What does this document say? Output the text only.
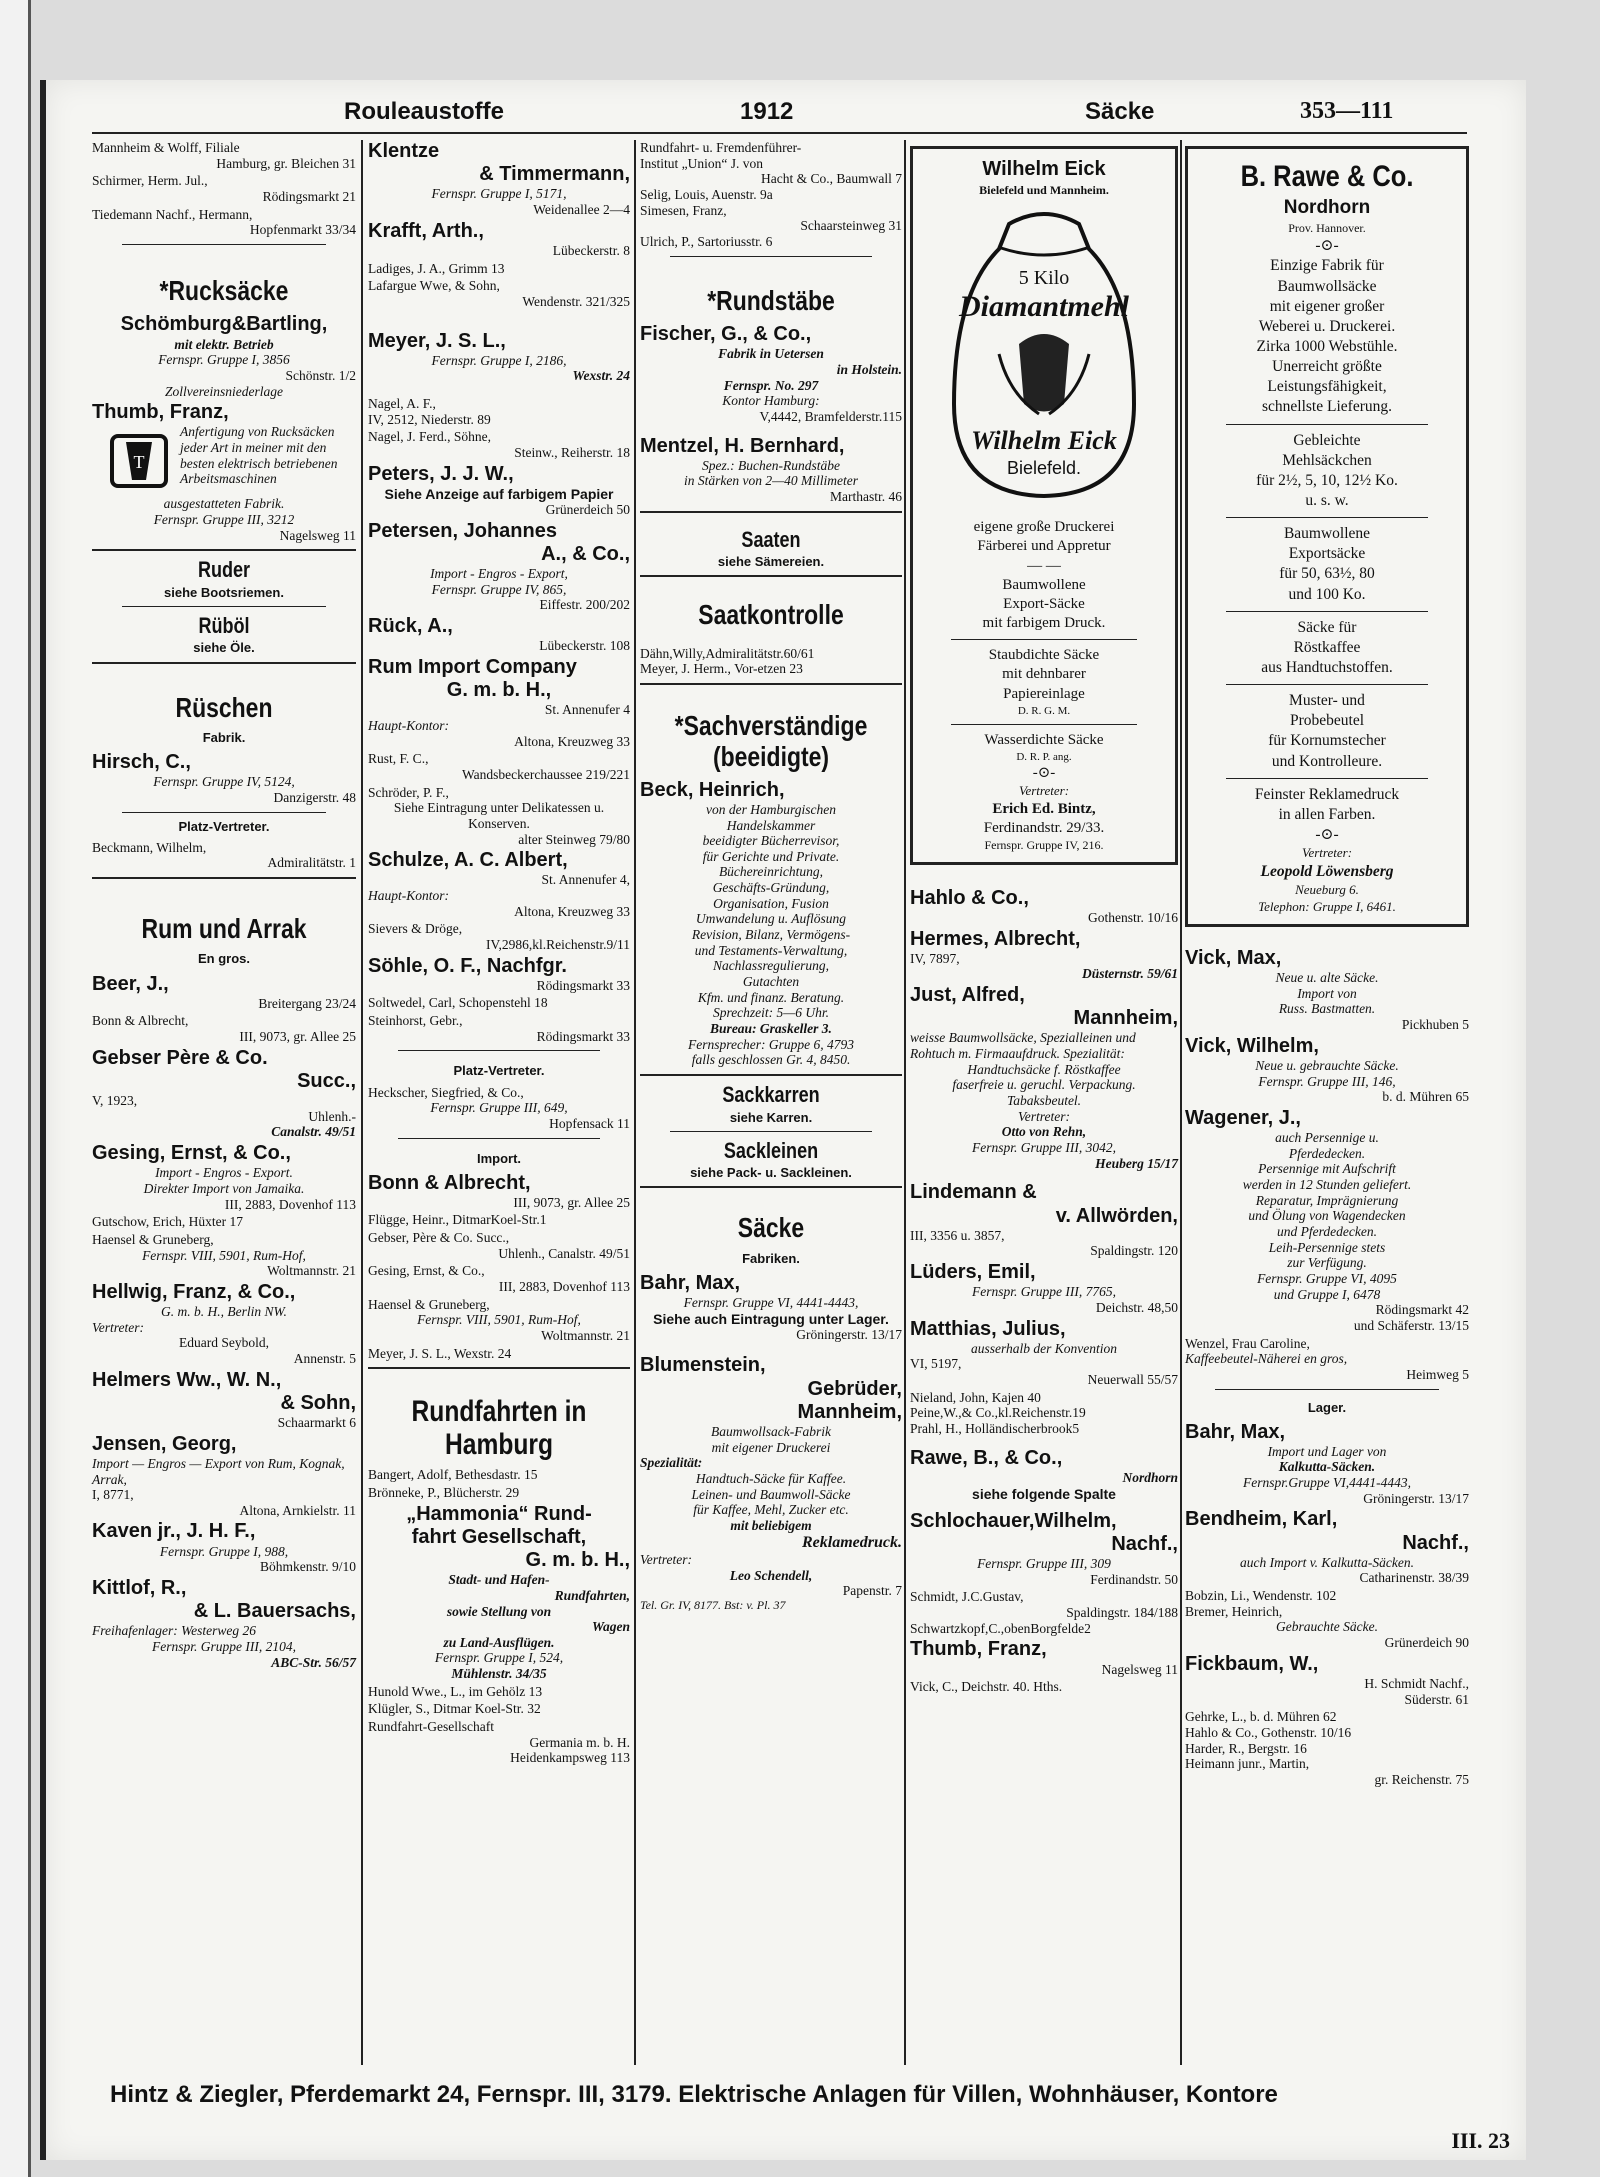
Rouleaustoffe	1912	Säcke	353—111
Mannheim & Wolff, Filiale
Hamburg, gr. Bleichen 31
Schirmer, Herm. Jul.,
Rödingsmarkt 21
Tiedemann Nachf., Hermann,
Hopfenmarkt 33/34
*Rucksäcke
Schömburg&Bartling,
mit elektr. Betrieb
Fernspr. Gruppe I, 3856
Schönstr. 1/2
Zollvereinsniederlage
Thumb, Franz,
T
Anfertigung von Rucksäcken jeder Art in meiner mit den besten elektrisch betriebenen Arbeitsmaschinen
ausgestatteten Fabrik.
Fernspr. Gruppe III, 3212
Nagelsweg 11
Ruder
siehe Bootsriemen.
Rüböl
siehe Öle.
Rüschen
Fabrik.
Hirsch, C.,
Fernspr. Gruppe IV, 5124,
Danzigerstr. 48
Platz-Vertreter.
Beckmann, Wilhelm,
Admiralitätstr. 1
Rum und Arrak
En gros.
Beer, J.,
Breitergang 23/24
Bonn & Albrecht,
III, 9073, gr. Allee 25
Gebser Père & Co.
Succ.,
V, 1923,
Uhlenh.-
Canalstr. 49/51
Gesing, Ernst, & Co.,
Import - Engros - Export.
Direkter Import von Jamaika.
III, 2883, Dovenhof 113
Gutschow, Erich, Hüxter 17
Haensel & Gruneberg,
Fernspr. VIII, 5901, Rum-Hof,
Woltmannstr. 21
Hellwig, Franz, & Co.,
G. m. b. H., Berlin NW.
Vertreter:
Eduard Seybold,
Annenstr. 5
Helmers Ww., W. N.,
& Sohn,
Schaarmarkt 6
Jensen, Georg,
Import — Engros — Export von Rum, Kognak, Arrak,
I, 8771,
Altona, Arnkielstr. 11
Kaven jr., J. H. F.,
Fernspr. Gruppe I, 988,
Böhmkenstr. 9/10
Kittlof, R.,
& L. Bauersachs,
Freihafenlager: Westerweg 26
Fernspr. Gruppe III, 2104,
ABC-Str. 56/57
Klentze
& Timmermann,
Fernspr. Gruppe I, 5171,
Weidenallee 2—4
Krafft, Arth.,
Lübeckerstr. 8
Ladiges, J. A., Grimm 13
Lafargue Wwe, & Sohn,
Wendenstr. 321/325
Meyer, J. S. L.,
Fernspr. Gruppe I, 2186,
Wexstr. 24
Nagel, A. F.,
IV, 2512, Niederstr. 89
Nagel, J. Ferd., Söhne,
Steinw., Reiherstr. 18
Peters, J. J. W.,
Siehe Anzeige auf farbigem Papier
Grünerdeich 50
Petersen, Johannes
A., & Co.,
Import - Engros - Export,
Fernspr. Gruppe IV, 865,
Eiffestr. 200/202
Rück, A.,
Lübeckerstr. 108
Rum Import Company
G. m. b. H.,
St. Annenufer 4
Haupt-Kontor:
Altona, Kreuzweg 33
Rust, F. C.,
Wandsbeckerchaussee 219/221
Schröder, P. F.,
Siehe Eintragung unter Delikatessen u. Konserven.
alter Steinweg 79/80
Schulze, A. C. Albert,
St. Annenufer 4,
Haupt-Kontor:
Altona, Kreuzweg 33
Sievers & Dröge,
IV,2986,kl.Reichenstr.9/11
Söhle, O. F., Nachfgr.
Rödingsmarkt 33
Soltwedel, Carl, Schopenstehl 18
Steinhorst, Gebr.,
Rödingsmarkt 33
Platz-Vertreter.
Heckscher, Siegfried, & Co.,
Fernspr. Gruppe III, 649,
Hopfensack 11
Import.
Bonn & Albrecht,
III, 9073, gr. Allee 25
Flügge, Heinr., DitmarKoel-Str.1
Gebser, Père & Co. Succ.,
Uhlenh., Canalstr. 49/51
Gesing, Ernst, & Co.,
III, 2883, Dovenhof 113
Haensel & Gruneberg,
Fernspr. VIII, 5901, Rum-Hof,
Woltmannstr. 21
Meyer, J. S. L., Wexstr. 24
Rundfahrten in Hamburg
Bangert, Adolf, Bethesdastr. 15
Brönneke, P., Blücherstr. 29
„Hammonia“ Rund-
fahrt Gesellschaft,
G. m. b. H.,
Stadt- und Hafen-
Rundfahrten,
sowie Stellung von
Wagen
zu Land-Ausflügen.
Fernspr. Gruppe I, 524,
Mühlenstr. 34/35
Hunold Wwe., L., im Gehölz 13
Klügler, S., Ditmar Koel-Str. 32
Rundfahrt-Gesellschaft
Germania m. b. H.
Heidenkampsweg 113
Rundfahrt- u. Fremdenführer-
Institut „Union“ J. von
Hacht & Co., Baumwall 7
Selig, Louis, Auenstr. 9a
Simesen, Franz,
Schaarsteinweg 31
Ulrich, P., Sartoriusstr. 6
*Rundstäbe
Fischer, G., & Co.,
Fabrik in Uetersen
in Holstein.
Fernspr. No. 297
Kontor Hamburg:
V,4442, Bramfelderstr.115
Mentzel, H. Bernhard,
Spez.: Buchen-Rundstäbe
in Stärken von 2—40 Millimeter
Marthastr. 46
Saaten
siehe Sämereien.
Saatkontrolle
Dähn,Willy,Admiralitätstr.60/61
Meyer, J. Herm., Vor-etzen 23
*Sachverständige (beeidigte)
Beck, Heinrich,
von der Hamburgischen
Handelskammer
beeidigter Bücherrevisor,
für Gerichte und Private.
Büchereinrichtung,
Geschäfts-Gründung,
Organisation, Fusion
Umwandelung u. Auflösung
Revision, Bilanz, Vermögens-
und Testaments-Verwaltung,
Nachlassregulierung,
Gutachten
Kfm. und finanz. Beratung.
Sprechzeit: 5—6 Uhr.
Bureau: Graskeller 3.
Fernsprecher: Gruppe 6, 4793
falls geschlossen Gr. 4, 8450.
Sackkarren
siehe Karren.
Sackleinen
siehe Pack- u. Sackleinen.
Säcke
Fabriken.
Bahr, Max,
Fernspr. Gruppe VI, 4441-4443,
Siehe auch Eintragung unter Lager.
Gröningerstr. 13/17
Blumenstein,
Gebrüder,
Mannheim,
Baumwollsack-Fabrik
mit eigener Druckerei
Spezialität:
Handtuch-Säcke für Kaffee.
Leinen- und Baumwoll-Säcke
für Kaffee, Mehl, Zucker etc.
mit beliebigem
Reklamedruck.
Vertreter:
Leo Schendell,
Papenstr. 7
Tel. Gr. IV, 8177. Bst: v. Pl. 37
Wilhelm Eick
Bielefeld und Mannheim.
5 Kilo
Diamantmehl
Wilhelm Eick
Bielefeld.
eigene große Druckerei
Färberei und Appretur
— —
Baumwollene
Export-Säcke
mit farbigem Druck.
Staubdichte Säcke
mit dehnbarer
Papiereinlage
D. R. G. M.
Wasserdichte Säcke
D. R. P. ang.
-⊙-
Vertreter:
Erich Ed. Bintz,
Ferdinandstr. 29/33.
Fernspr. Gruppe IV, 216.
Hahlo & Co.,
Gothenstr. 10/16
Hermes, Albrecht,
IV, 7897,
Düsternstr. 59/61
Just, Alfred,
Mannheim,
weisse Baumwollsäcke, Spezialleinen und Rohtuch m. Firmaaufdruck. Spezialität:
Handtuchsäcke f. Röstkaffee
faserfreie u. geruchl. Verpackung.
Tabaksbeutel.
Vertreter:
Otto von Rehn,
Fernspr. Gruppe III, 3042,
Heuberg 15/17
Lindemann &
v. Allwörden,
III, 3356 u. 3857,
Spaldingstr. 120
Lüders, Emil,
Fernspr. Gruppe III, 7765,
Deichstr. 48,50
Matthias, Julius,
ausserhalb der Konvention
VI, 5197,
Neuerwall 55/57
Nieland, John, Kajen 40
Peine,W.,& Co.,kl.Reichenstr.19
Prahl, H., Holländischerbrook5
Rawe, B., & Co.,
Nordhorn
siehe folgende Spalte
Schlochauer,Wilhelm,
Nachf.,
Fernspr. Gruppe III, 309
Ferdinandstr. 50
Schmidt, J.C.Gustav,
Spaldingstr. 184/188
Schwartzkopf,C.,obenBorgfelde2
Thumb, Franz,
Nagelsweg 11
Vick, C., Deichstr. 40. Hths.
B. Rawe & Co.
Nordhorn
Prov. Hannover.
-⊙-
Einzige Fabrik für
Baumwollsäcke
mit eigener großer
Weberei u. Druckerei.
Zirka 1000 Webstühle.
Unerreicht größte
Leistungsfähigkeit,
schnellste Lieferung.
Gebleichte
Mehlsäckchen
für 2½, 5, 10, 12½ Ko.
u. s. w.
Baumwollene
Exportsäcke
für 50, 63½, 80
und 100 Ko.
Säcke für
Röstkaffee
aus Handtuchstoffen.
Muster- und
Probebeutel
für Kornumstecher
und Kontrolleure.
Feinster Reklamedruck
in allen Farben.
-⊙-
Vertreter:
Leopold Löwensberg
Neueburg 6.
Telephon: Gruppe I, 6461.
Vick, Max,
Neue u. alte Säcke.
Import von
Russ. Bastmatten.
Pickhuben 5
Vick, Wilhelm,
Neue u. gebrauchte Säcke.
Fernspr. Gruppe III, 146,
b. d. Mühren 65
Wagener, J.,
auch Persennige u.
Pferdedecken.
Persennige mit Aufschrift
werden in 12 Stunden geliefert.
Reparatur, Imprägnierung
und Ölung von Wagendecken
und Pferdedecken.
Leih-Persennige stets
zur Verfügung.
Fernspr. Gruppe VI, 4095
und Gruppe I, 6478
Rödingsmarkt 42
und Schäferstr. 13/15
Wenzel, Frau Caroline,
Kaffeebeutel-Näherei en gros,
Heimweg 5
Lager.
Bahr, Max,
Import und Lager von
Kalkutta-Säcken.
Fernspr.Gruppe VI,4441-4443,
Gröningerstr. 13/17
Bendheim, Karl,
Nachf.,
auch Import v. Kalkutta-Säcken.
Catharinenstr. 38/39
Bobzin, Li., Wendenstr. 102
Bremer, Heinrich,
Gebrauchte Säcke.
Grünerdeich 90
Fickbaum, W.,
H. Schmidt Nachf.,
Süderstr. 61
Gehrke, L., b. d. Mühren 62
Hahlo & Co., Gothenstr. 10/16
Harder, R., Bergstr. 16
Heimann junr., Martin,
gr. Reichenstr. 75
Hintz & Ziegler, Pferdemarkt 24, Fernspr. III, 3179. Elektrische Anlagen für Villen, Wohnhäuser, Kontore
III. 23
